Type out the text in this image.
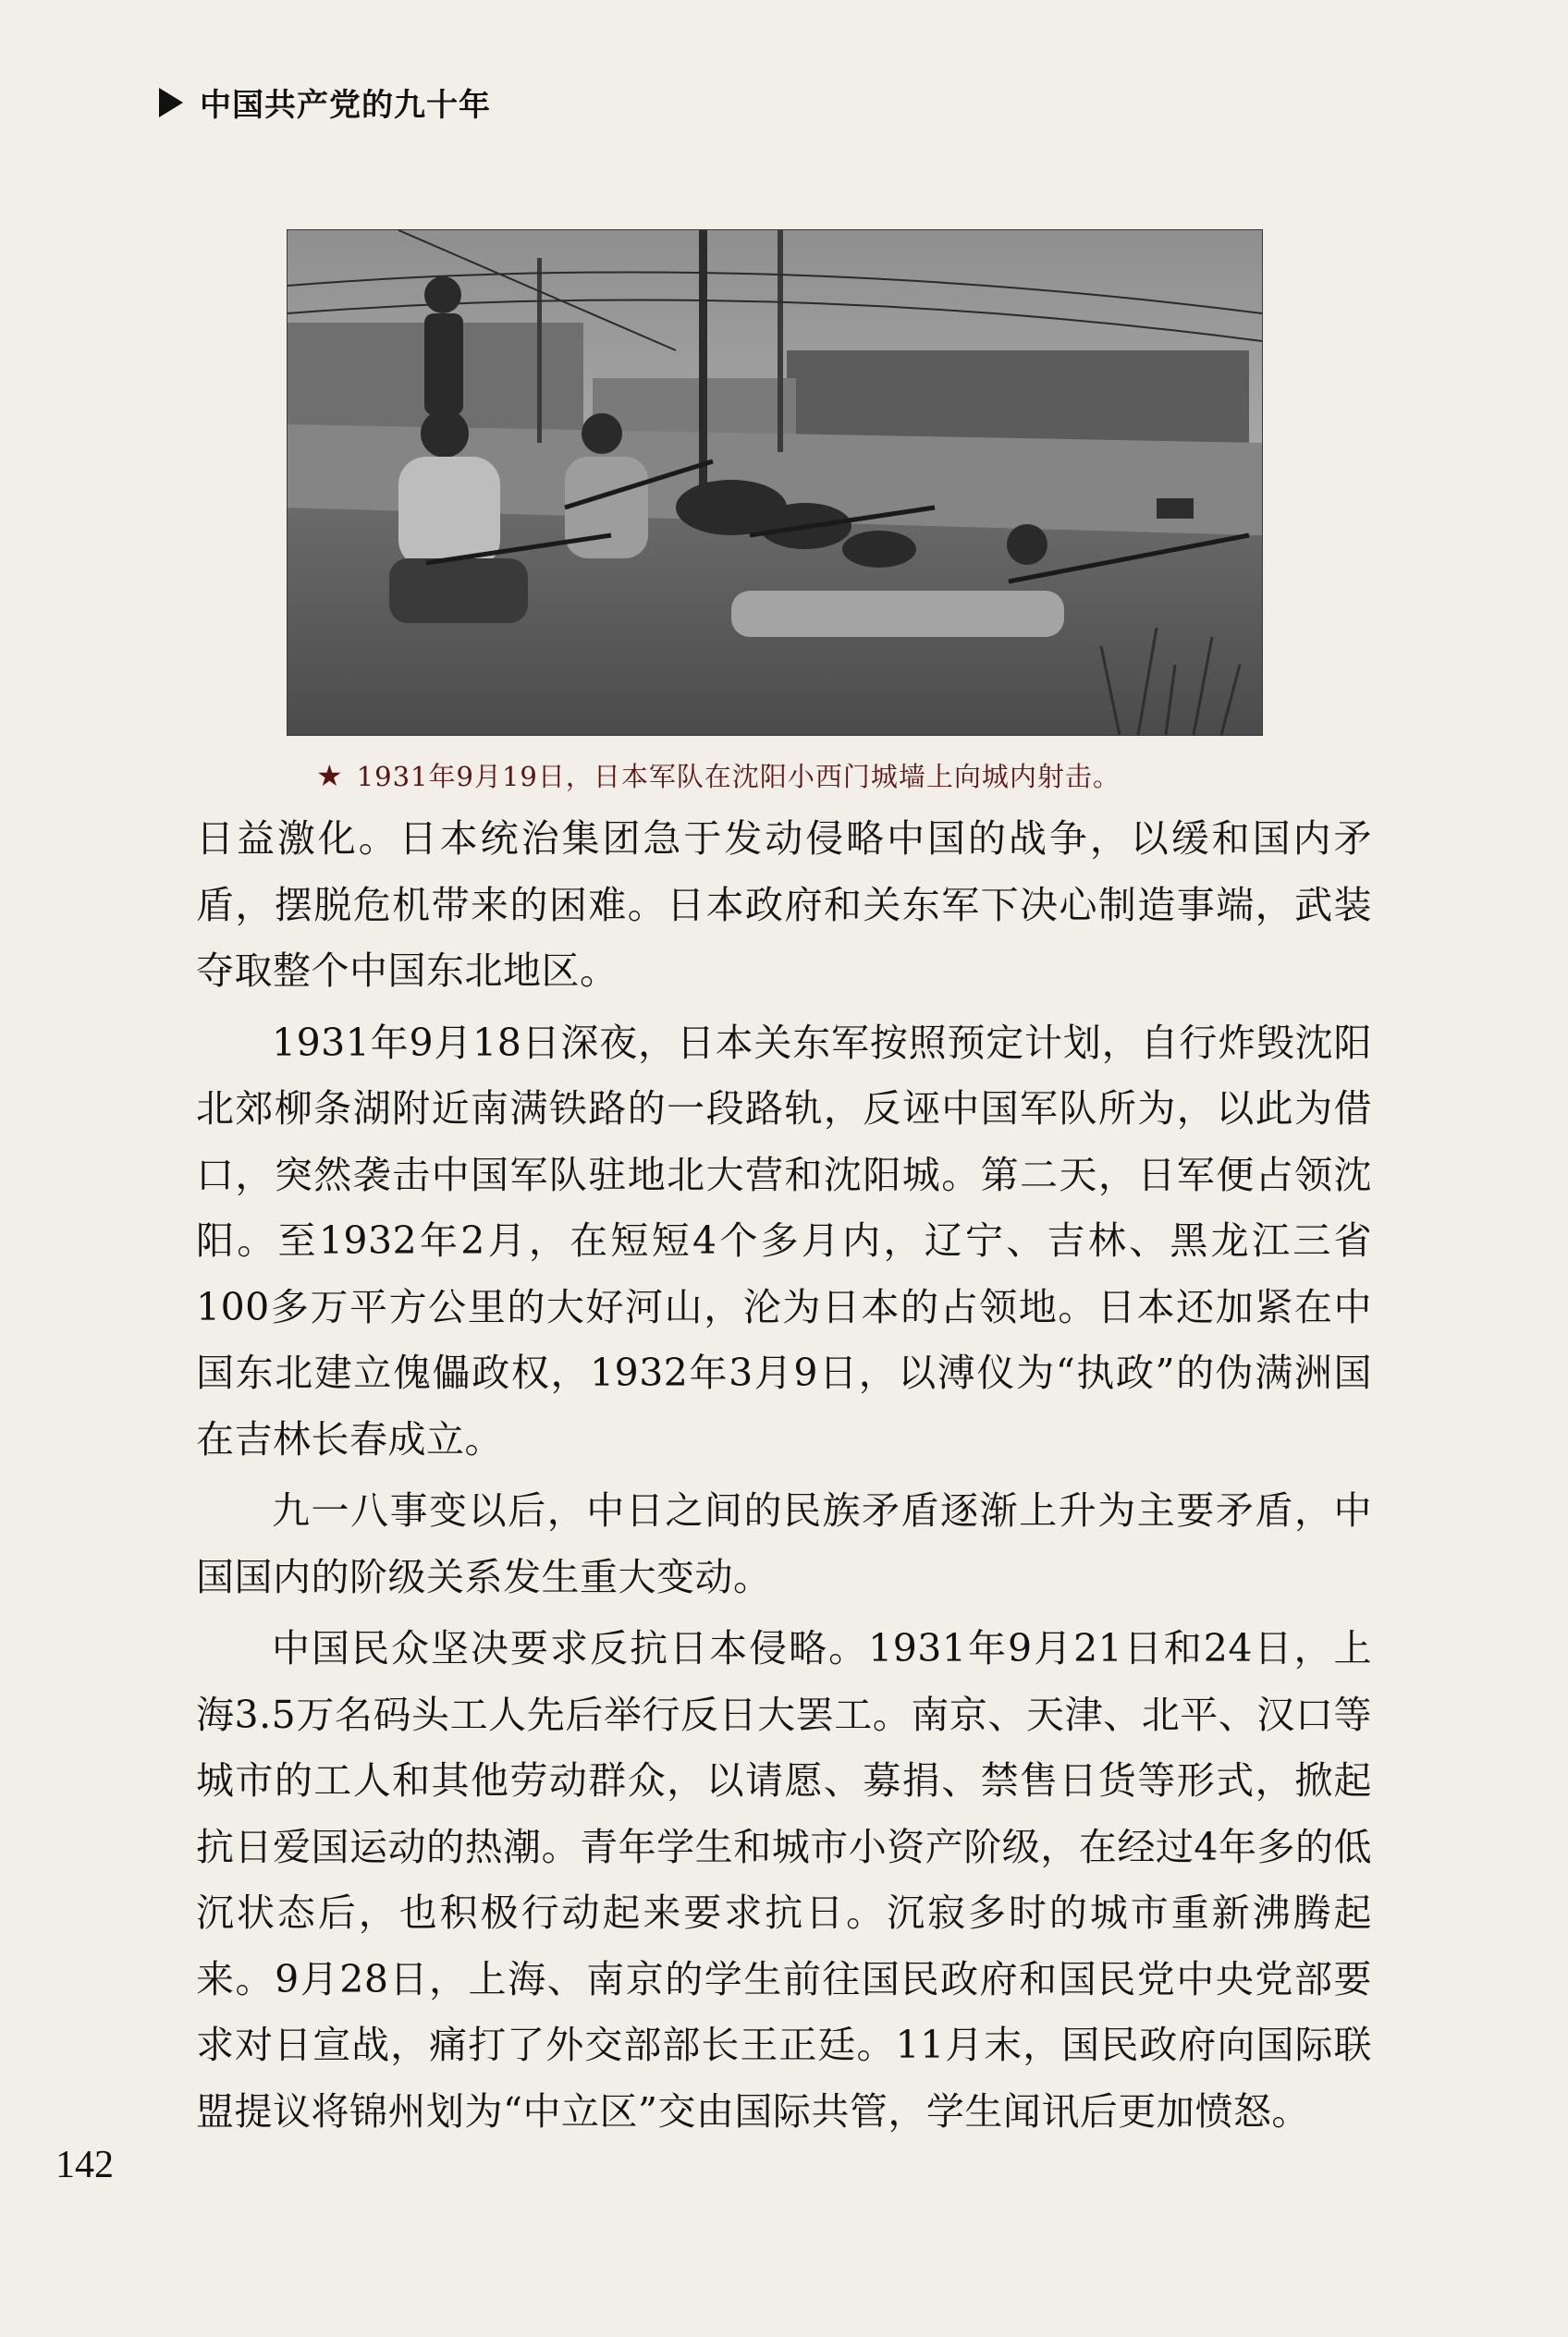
中国共产党的九十年
★ 1931年9月19日，日本军队在沈阳小西门城墙上向城内射击。

日益激化。日本统治集团急于发动侵略中国的战争，以缓和国内矛盾，摆脱危机带来的困难。日本政府和关东军下决心制造事端，武装夺取整个中国东北地区。

1931年9月18日深夜，日本关东军按照预定计划，自行炸毁沈阳北郊柳条湖附近南满铁路的一段路轨，反诬中国军队所为，以此为借口，突然袭击中国军队驻地北大营和沈阳城。第二天，日军便占领沈阳。至1932年2月，在短短4个多月内，辽宁、吉林、黑龙江三省100多万平方公里的大好河山，沦为日本的占领地。日本还加紧在中国东北建立傀儡政权，1932年3月9日，以溥仪为“执政”的伪满洲国在吉林长春成立。

九一八事变以后，中日之间的民族矛盾逐渐上升为主要矛盾，中国国内的阶级关系发生重大变动。

中国民众坚决要求反抗日本侵略。1931年9月21日和24日，上海3.5万名码头工人先后举行反日大罢工。南京、天津、北平、汉口等城市的工人和其他劳动群众，以请愿、募捐、禁售日货等形式，掀起抗日爱国运动的热潮。青年学生和城市小资产阶级，在经过4年多的低沉状态后，也积极行动起来要求抗日。沉寂多时的城市重新沸腾起来。9月28日，上海、南京的学生前往国民政府和国民党中央党部要求对日宣战，痛打了外交部部长王正廷。11月末，国民政府向国际联盟提议将锦州划为“中立区”交由国际共管，学生闻讯后更加愤怒。

142
